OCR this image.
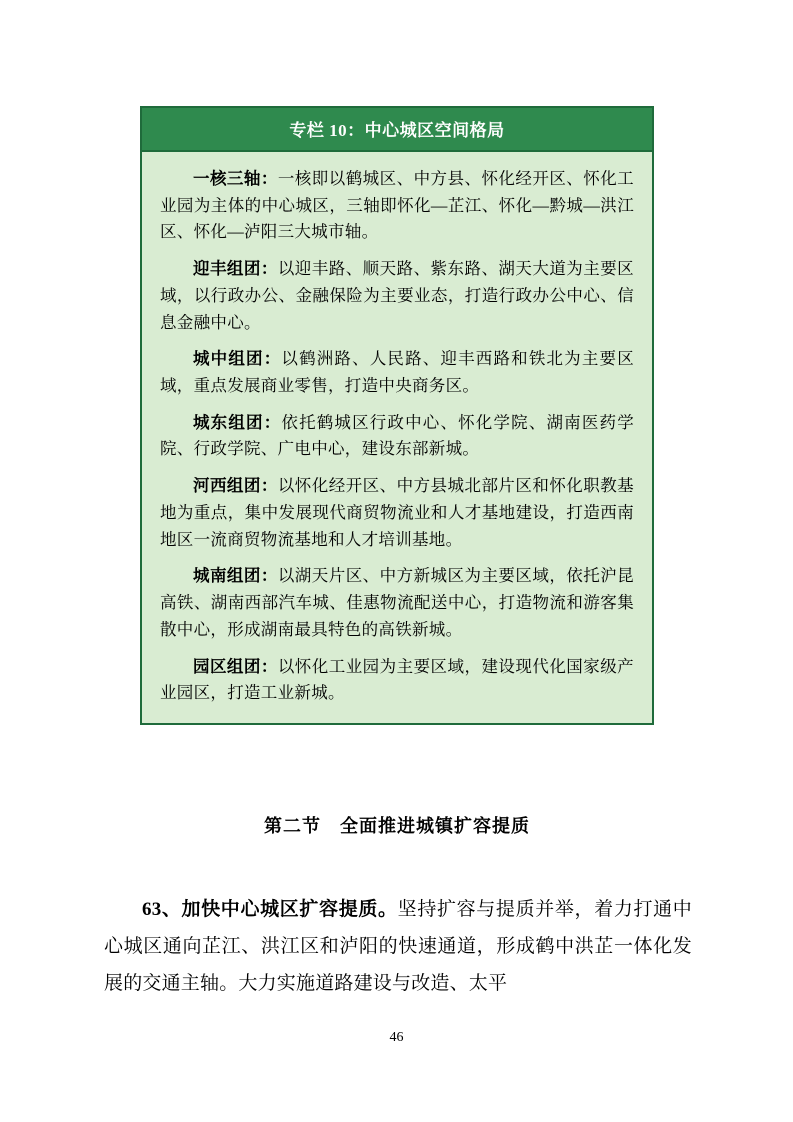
专栏 10：中心城区空间格局

一核三轴：一核即以鹤城区、中方县、怀化经开区、怀化工业园为主体的中心城区，三轴即怀化—芷江、怀化—黔城—洪江区、怀化—泸阳三大城市轴。

迎丰组团：以迎丰路、顺天路、紫东路、湖天大道为主要区域，以行政办公、金融保险为主要业态，打造行政办公中心、信息金融中心。

城中组团：以鹤洲路、人民路、迎丰西路和铁北为主要区域，重点发展商业零售，打造中央商务区。

城东组团：依托鹤城区行政中心、怀化学院、湖南医药学院、行政学院、广电中心，建设东部新城。

河西组团：以怀化经开区、中方县城北部片区和怀化职教基地为重点，集中发展现代商贸物流业和人才基地建设，打造西南地区一流商贸物流基地和人才培训基地。

城南组团：以湖天片区、中方新城区为主要区域，依托沪昆高铁、湖南西部汽车城、佳惠物流配送中心，打造物流和游客集散中心，形成湖南最具特色的高铁新城。

园区组团：以怀化工业园为主要区域，建设现代化国家级产业园区，打造工业新城。

第二节　全面推进城镇扩容提质

63、加快中心城区扩容提质。坚持扩容与提质并举，着力打通中心城区通向芷江、洪江区和泸阳的快速通道，形成鹤中洪芷一体化发展的交通主轴。大力实施道路建设与改造、太平

46
